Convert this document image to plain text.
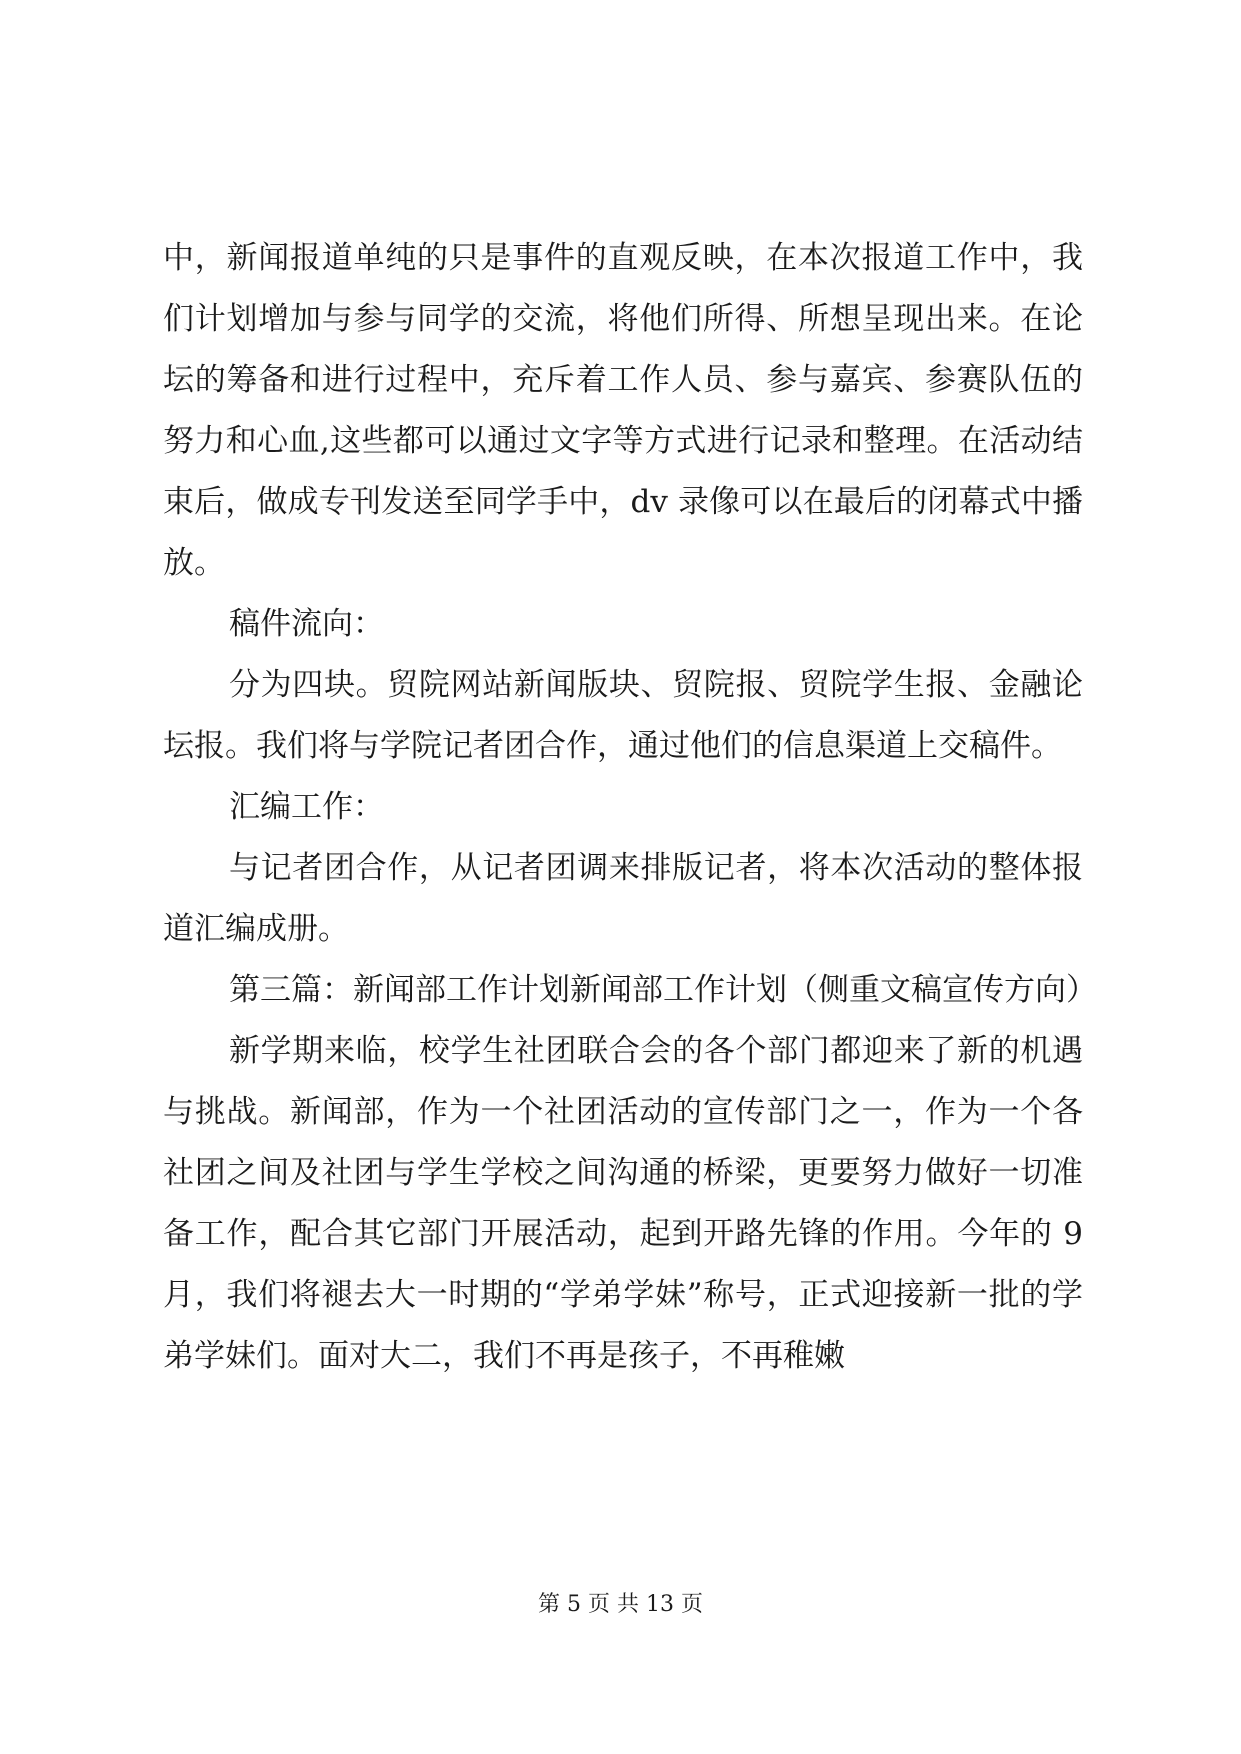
中，新闻报道单纯的只是事件的直观反映，在本次报道工作中，我们计划增加与参与同学的交流，将他们所得、所想呈现出来。在论坛的筹备和进行过程中，充斥着工作人员、参与嘉宾、参赛队伍的努力和心血,这些都可以通过文字等方式进行记录和整理。在活动结束后，做成专刊发送至同学手中，dv 录像可以在最后的闭幕式中播放。

稿件流向：

分为四块。贸院网站新闻版块、贸院报、贸院学生报、金融论坛报。我们将与学院记者团合作，通过他们的信息渠道上交稿件。

汇编工作：

与记者团合作，从记者团调来排版记者，将本次活动的整体报道汇编成册。

第三篇：新闻部工作计划新闻部工作计划（侧重文稿宣传方向）

新学期来临，校学生社团联合会的各个部门都迎来了新的机遇与挑战。新闻部，作为一个社团活动的宣传部门之一，作为一个各社团之间及社团与学生学校之间沟通的桥梁，更要努力做好一切准备工作，配合其它部门开展活动，起到开路先锋的作用。今年的 9 月，我们将褪去大一时期的“学弟学妹”称号，正式迎接新一批的学弟学妹们。面对大二，我们不再是孩子，不再稚嫩

第 5 页 共 13 页
